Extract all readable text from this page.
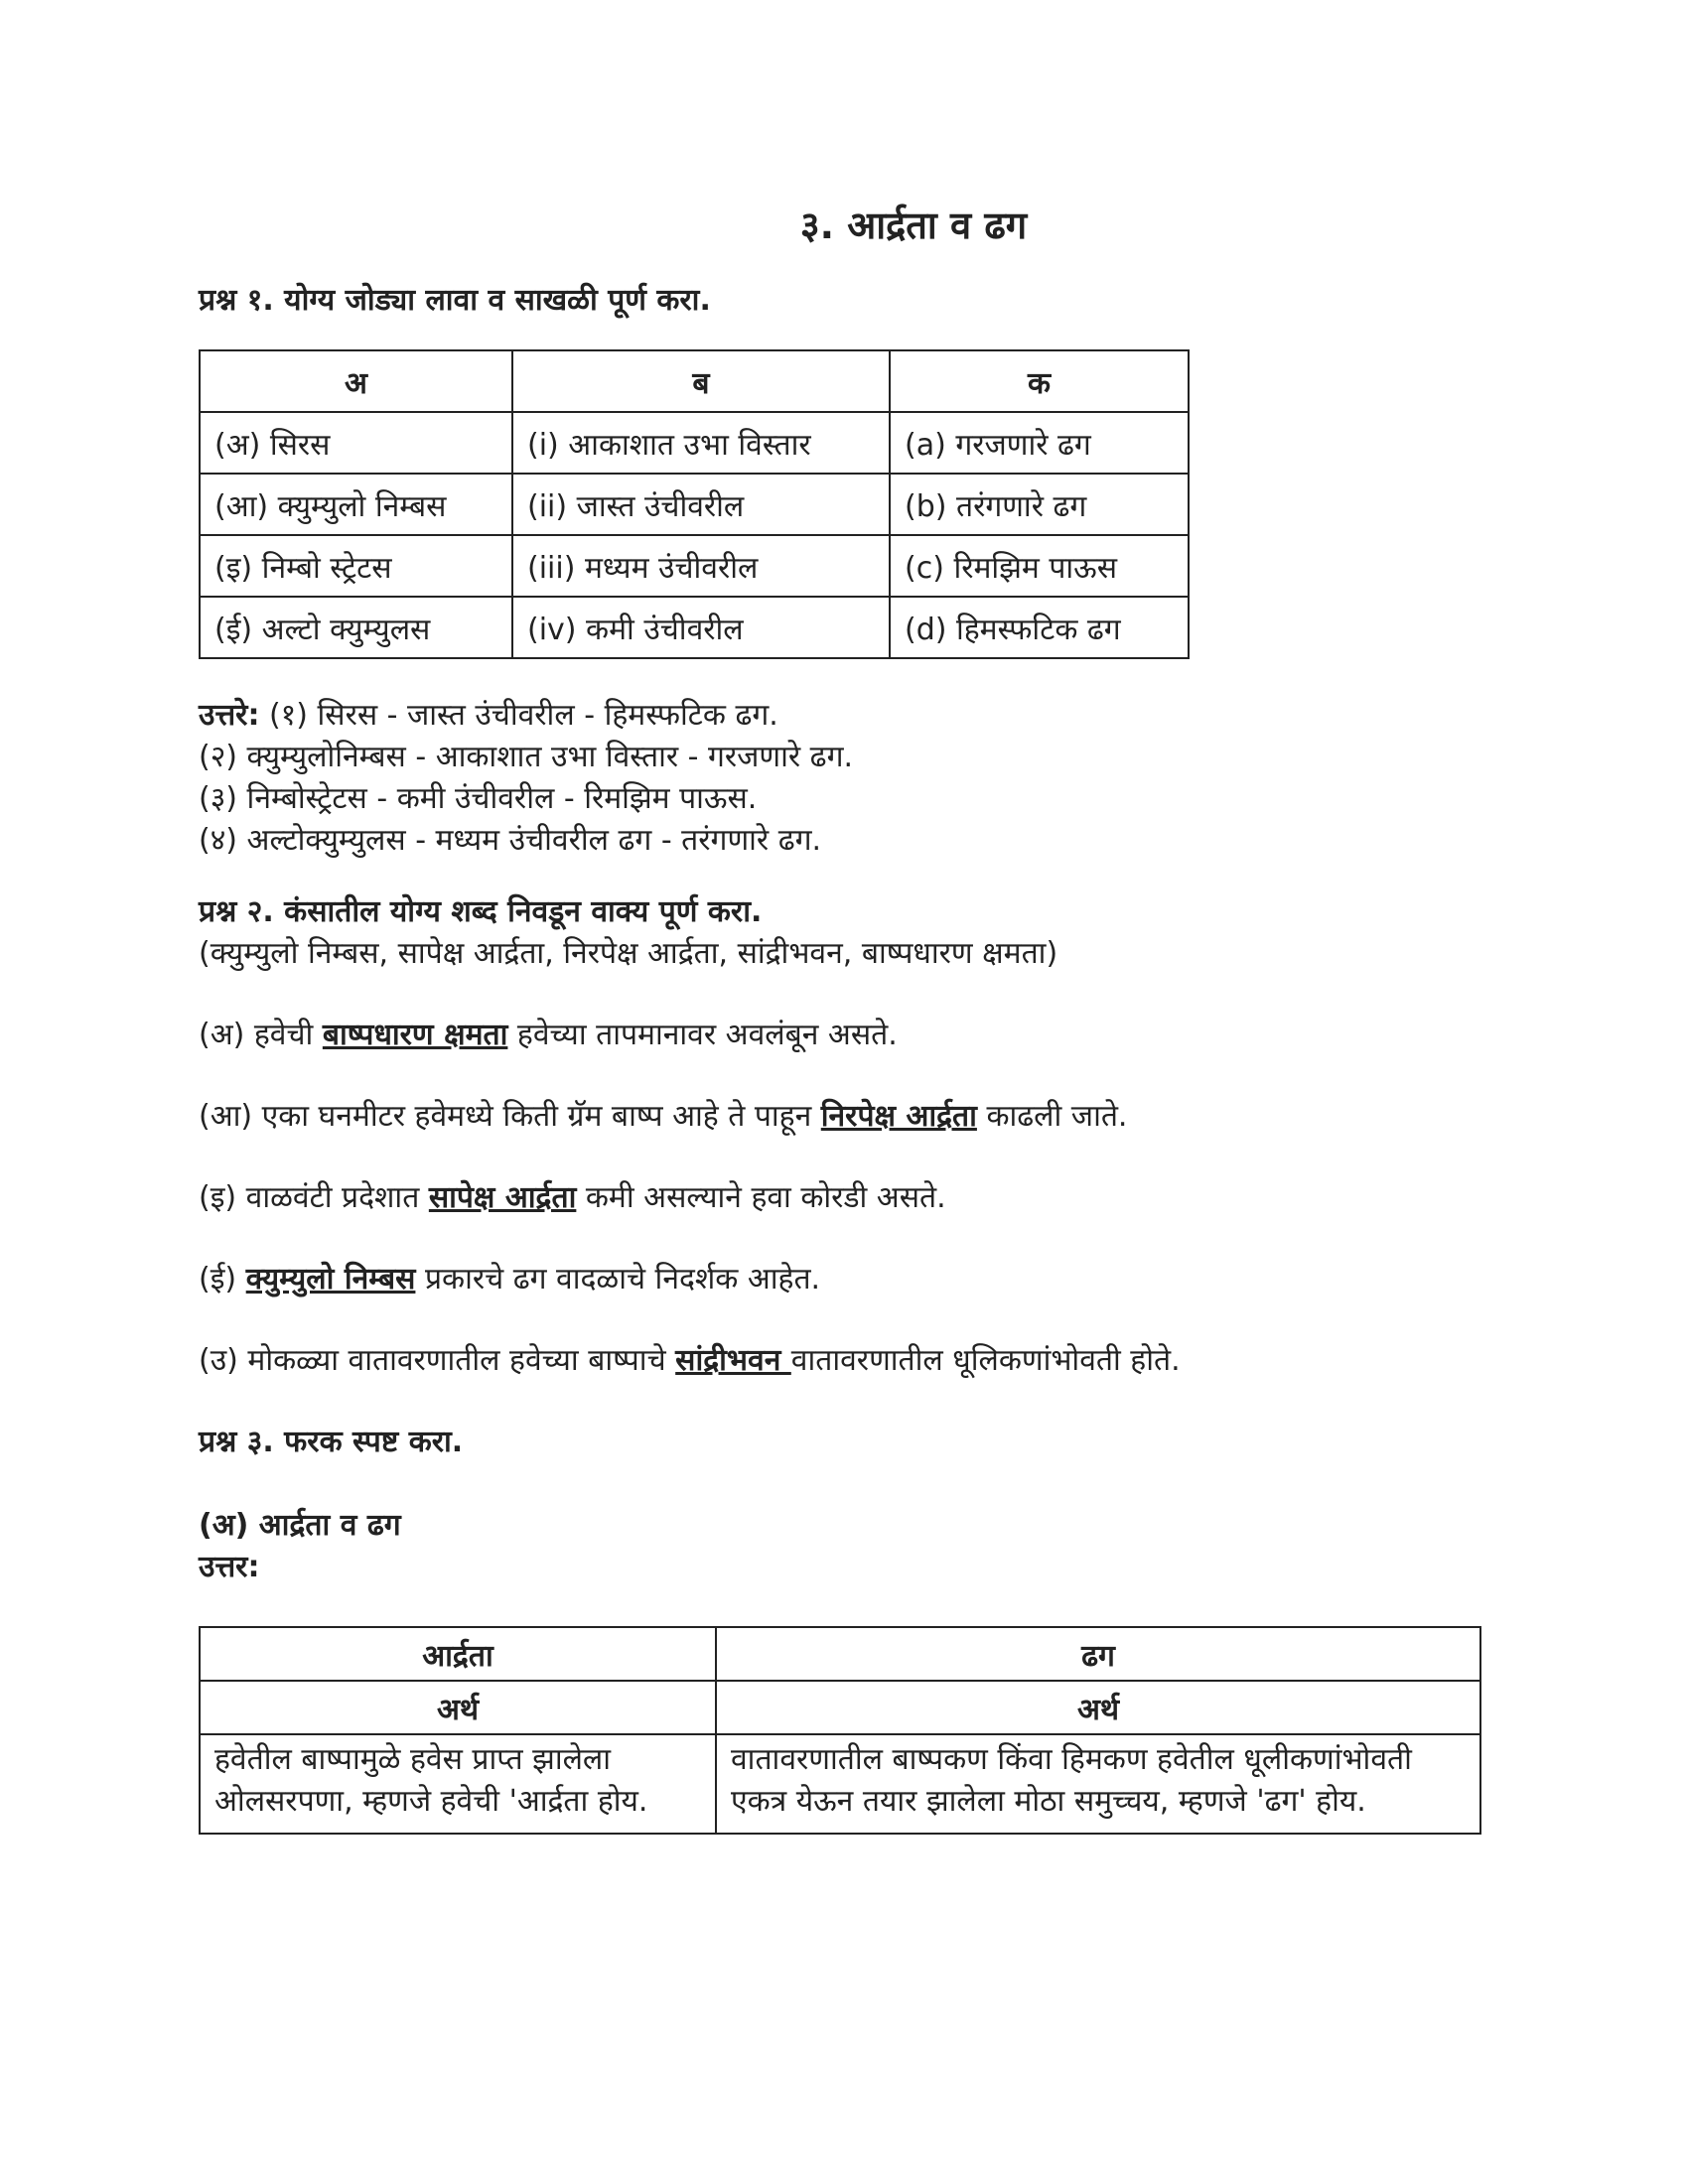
३. आर्द्रता व ढग

प्रश्न १. योग्य जोड्या लावा व साखळी पूर्ण करा.

अ	ब	क
(अ) सिरस	(i) आकाशात उभा विस्तार	(a) गरजणारे ढग
(आ) क्युम्युलो निम्बस	(ii) जास्त उंचीवरील	(b) तरंगणारे ढग
(इ) निम्बो स्ट्रेटस	(iii) मध्यम उंचीवरील	(c) रिमझिम पाऊस
(ई) अल्टो क्युम्युलस	(iv) कमी उंचीवरील	(d) हिमस्फटिक ढग
उत्तरे: (१) सिरस - जास्त उंचीवरील - हिमस्फटिक ढग.
(२) क्युम्युलोनिम्बस - आकाशात उभा विस्तार - गरजणारे ढग.
(३) निम्बोस्ट्रेटस - कमी उंचीवरील - रिमझिम पाऊस.
(४) अल्टोक्युम्युलस - मध्यम उंचीवरील ढग - तरंगणारे ढग.

प्रश्न २. कंसातील योग्य शब्द निवडून वाक्य पूर्ण करा.

(क्युम्युलो निम्बस, सापेक्ष आर्द्रता, निरपेक्ष आर्द्रता, सांद्रीभवन, बाष्पधारण क्षमता)

(अ) हवेची बाष्पधारण क्षमता हवेच्या तापमानावर अवलंबून असते.

(आ) एका घनमीटर हवेमध्ये किती ग्रॅम बाष्प आहे ते पाहून निरपेक्ष आर्द्रता काढली जाते.

(इ) वाळवंटी प्रदेशात सापेक्ष आर्द्रता कमी असल्याने हवा कोरडी असते.

(ई) क्युम्युलो निम्बस प्रकारचे ढग वादळाचे निदर्शक आहेत.

(उ) मोकळ्या वातावरणातील हवेच्या बाष्पाचे सांद्रीभवन वातावरणातील धूलिकणांभोवती होते.

प्रश्न ३. फरक स्पष्ट करा.

(अ) आर्द्रता व ढग

उत्तर:

आर्द्रता	ढग
अर्थ	अर्थ
हवेतील बाष्पामुळे हवेस प्राप्त झालेला ओलसरपणा, म्हणजे हवेची 'आर्द्रता होय.	वातावरणातील बाष्पकण किंवा हिमकण हवेतील धूलीकणांभोवती एकत्र येऊन तयार झालेला मोठा समुच्चय, म्हणजे 'ढग' होय.
